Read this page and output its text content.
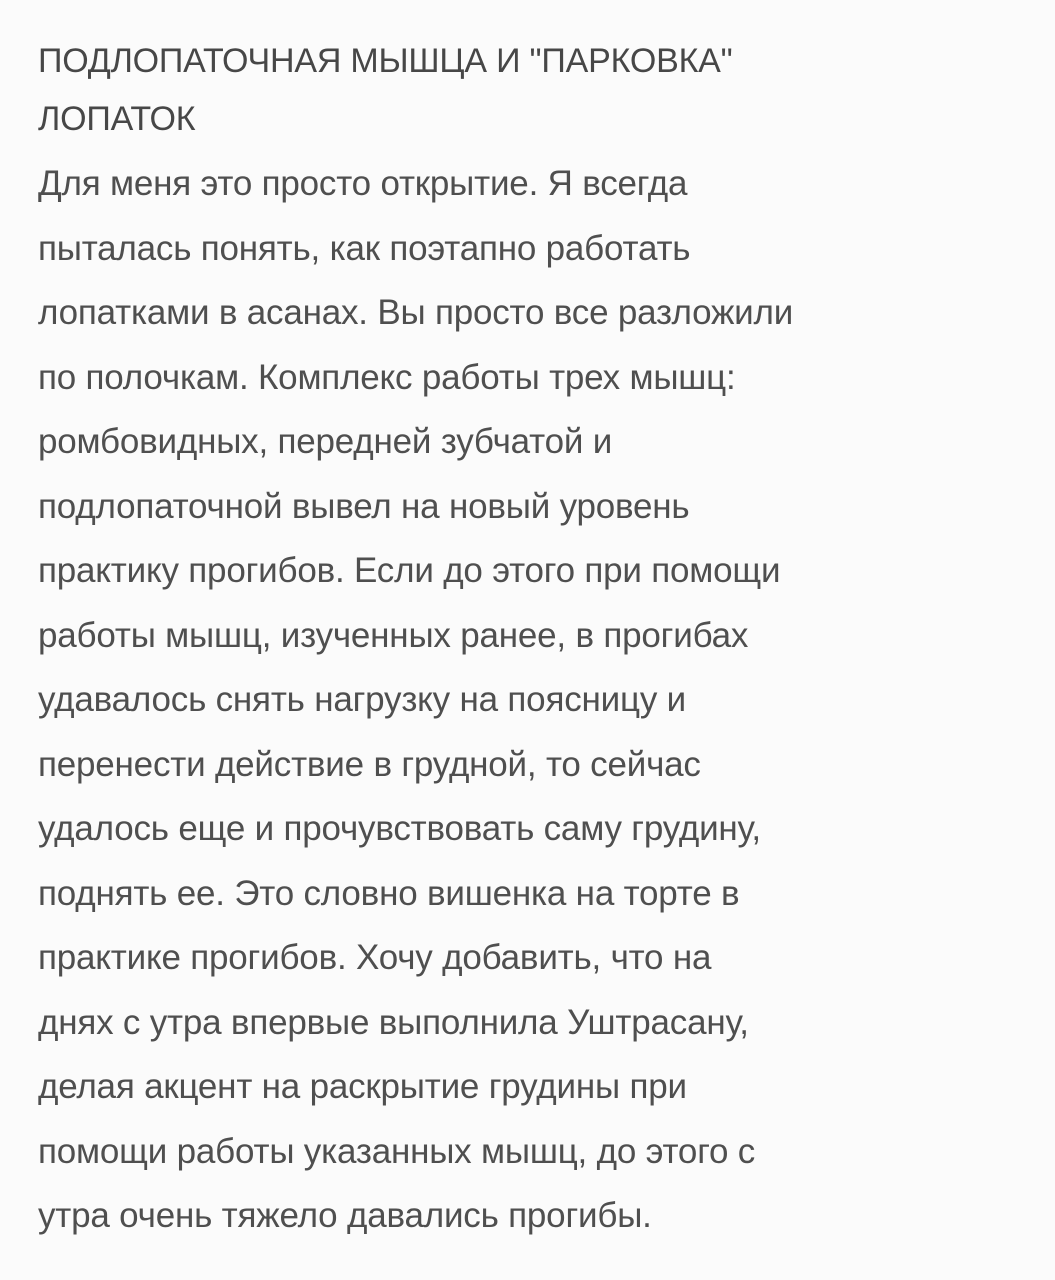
ПОДЛОПАТОЧНАЯ МЫШЦА И "ПАРКОВКА"
ЛОПАТОК
Для меня это просто открытие. Я всегда
пыталась понять, как поэтапно работать
лопатками в асанах. Вы просто все разложили
по полочкам. Комплекс работы трех мышц:
ромбовидных, передней зубчатой и
подлопаточной вывел на новый уровень
практику прогибов. Если до этого при помощи
работы мышц, изученных ранее, в прогибах
удавалось снять нагрузку на поясницу и
перенести действие в грудной, то сейчас
удалось еще и прочувствовать саму грудину,
поднять ее. Это словно вишенка на торте в
практике прогибов. Хочу добавить, что на
днях с утра впервые выполнила Уштрасану,
делая акцент на раскрытие грудины при
помощи работы указанных мышц, до этого с
утра очень тяжело давались прогибы.
